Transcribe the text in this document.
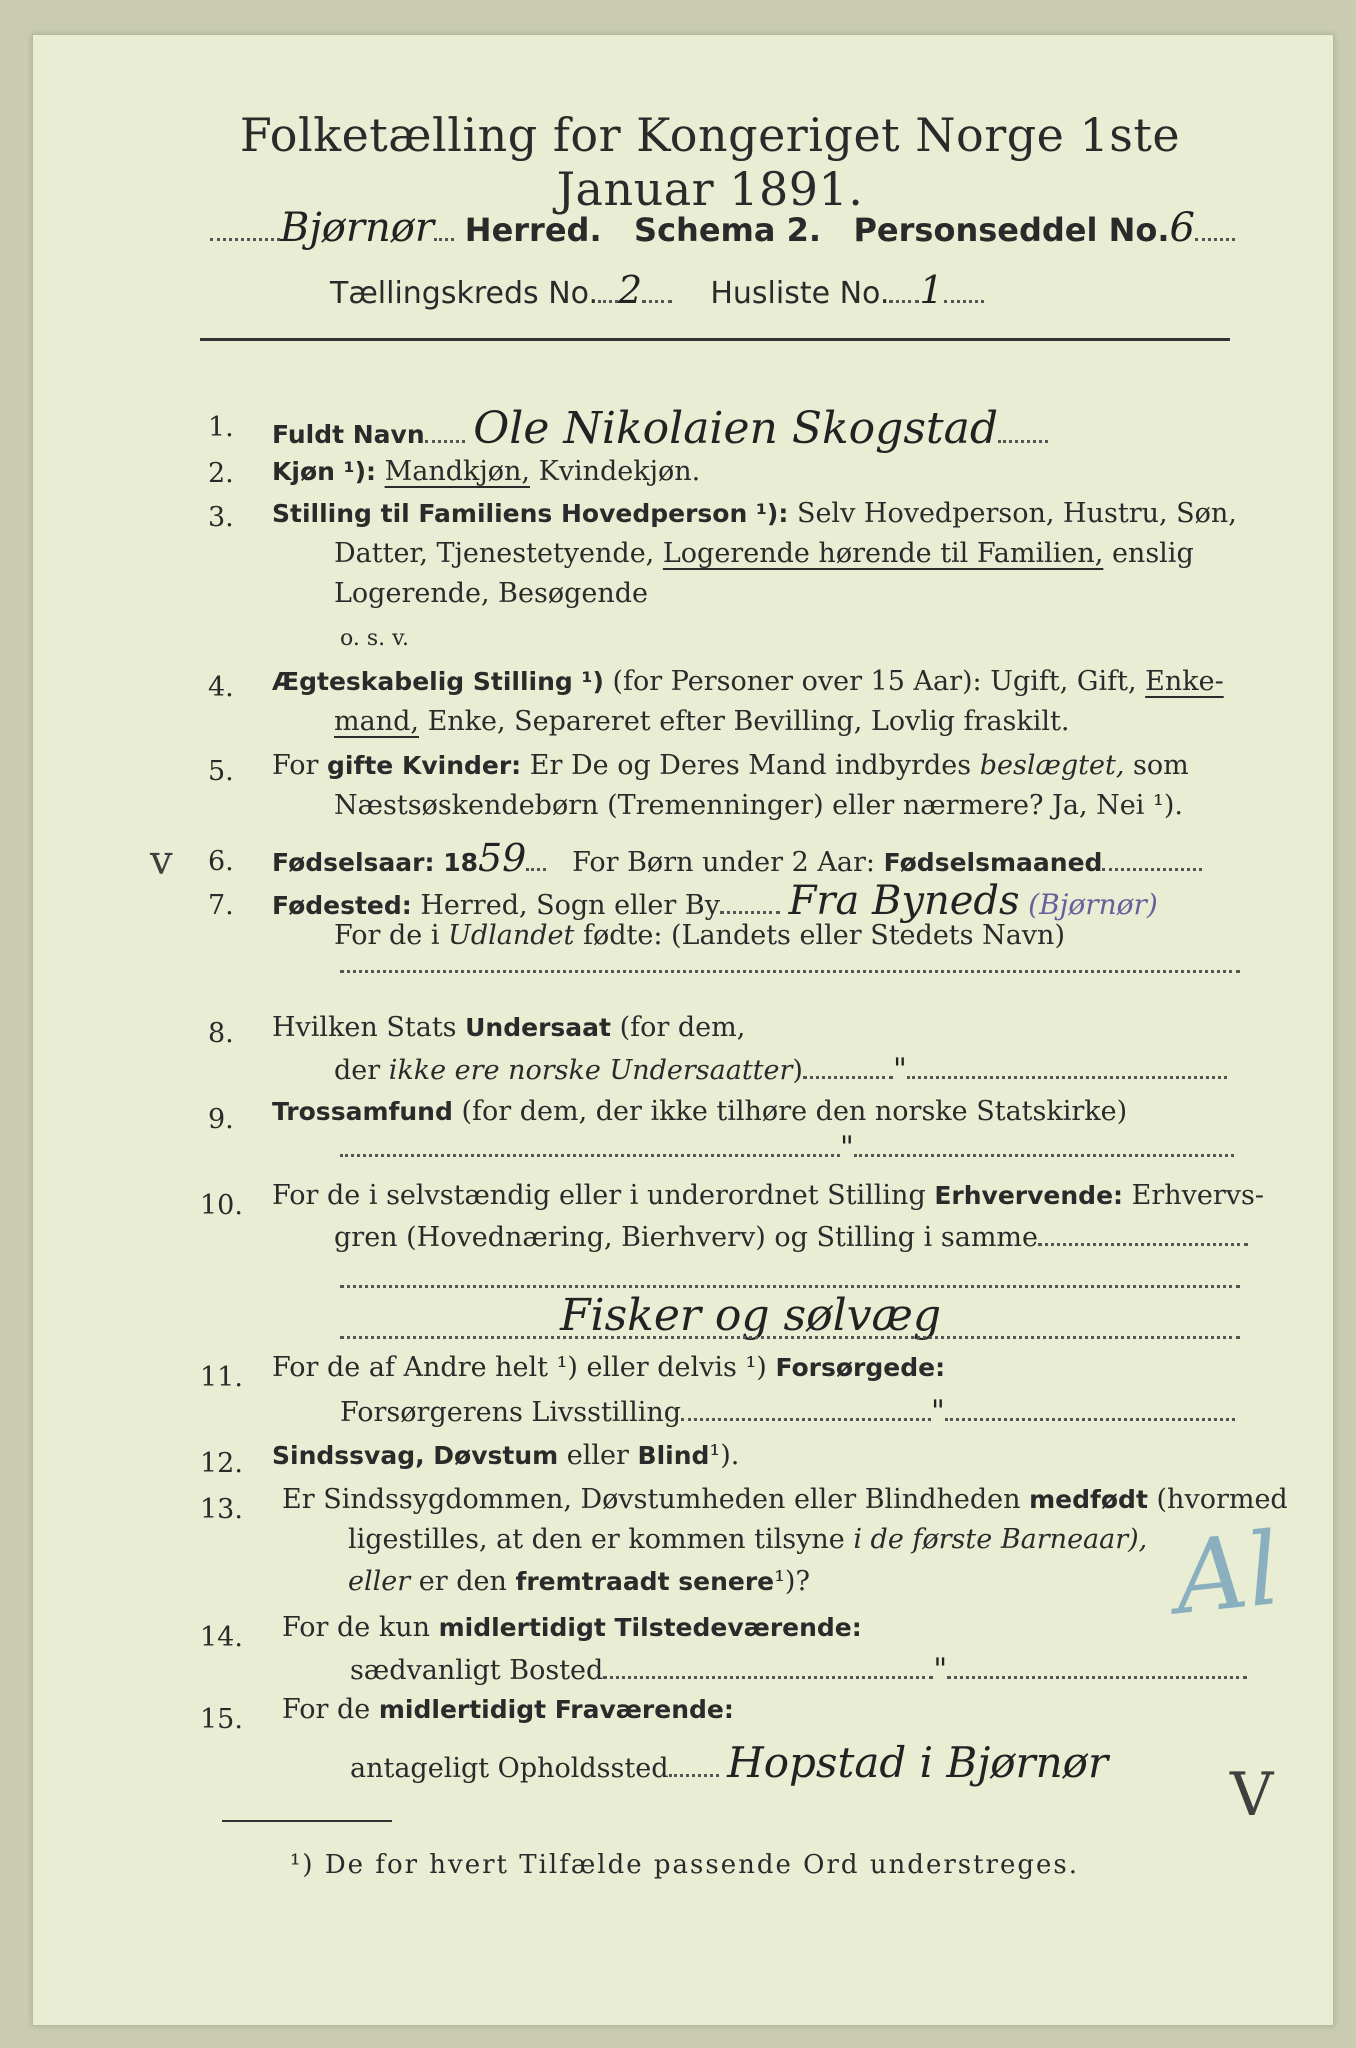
Folketælling for Kongeriget Norge 1ste Januar 1891.
Bjørnør Herred. Schema 2. Personseddel No.6
Tællingskreds No. 2 Husliste No. 1
1. Fuldt Navn Ole Nikolaien Skogstad
2. Kjøn ¹): Mandkjøn, Kvindekjøn.
3. Stilling til Familiens Hovedperson ¹): Selv Hovedperson, Hustru, Søn,
Datter, Tjenestetyende, Logerende hørende til Familien, enslig
Logerende, Besøgende
o. s. v.
4. Ægteskabelig Stilling ¹) (for Personer over 15 Aar): Ugift, Gift, Enke-
mand, Enke, Separeret efter Bevilling, Lovlig fraskilt.
5. For gifte Kvinder: Er De og Deres Mand indbyrdes beslægtet, som
Næstsøskendebørn (Tremenninger) eller nærmere? Ja, Nei ¹).
v 6. Fødselsaar: 1859 For Børn under 2 Aar: Fødselsmaaned
7. Fødested: Herred, Sogn eller By Fra Byneds (Bjørnør)
For de i Udlandet fødte: (Landets eller Stedets Navn)
8. Hvilken Stats Undersaat (for dem,
der ikke ere norske Undersaatter)	"
9. Trossamfund (for dem, der ikke tilhøre den norske Statskirke)
"
10. For de i selvstændig eller i underordnet Stilling Erhvervende: Erhvervs-
gren (Hovednæring, Bierhverv) og Stilling i samme
Fisker og sølvæg
11. For de af Andre helt ¹) eller delvis ¹) Forsørgede:
Forsørgerens Livsstilling	"
12. Sindssvag, Døvstum eller Blind¹).
13. Er Sindssygdommen, Døvstumheden eller Blindheden medfødt (hvormed
ligestilles, at den er kommen tilsyne i de første Barneaar),
eller er den fremtraadt senere¹)?	Al
14. For de kun midlertidigt Tilstedeværende:
sædvanligt Bosted	"
15. For de midlertidigt Fraværende:
antageligt Opholdssted Hopstad i Bjørnør V
¹) De for hvert Tilfælde passende Ord understreges.
